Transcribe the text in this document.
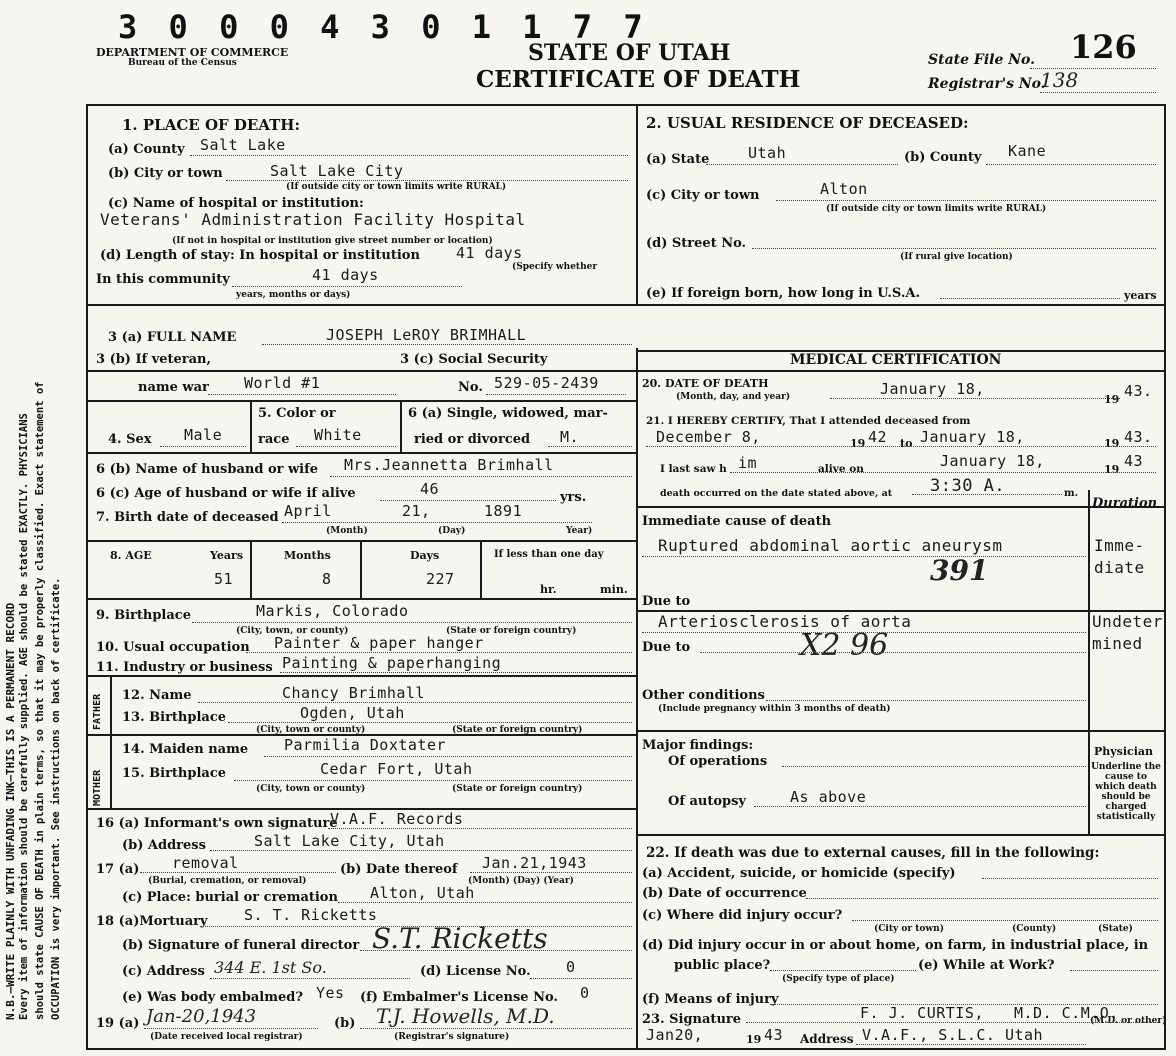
N.B.—WRITE PLAINLY WITH UNFADING INK—THIS IS A PERMANENT RECORD Every item of information should be carefully supplied. AGE should be stated EXACTLY. PHYSICIANS should state CAUSE OF DEATH in plain terms, so that it may be properly classified. Exact statement of OCCUPATION is very important. See instructions on back of certificate.
3 0 0 0 4 3 0 1 1 7 7
DEPARTMENT OF COMMERCE
Bureau of the Census	STATE OF UTAH
CERTIFICATE OF DEATH
State File No. 126
Registrar's No.
138
1. PLACE OF DEATH:
(a) County Salt Lake
(b) City or town	Salt Lake City
(If outside city or town limits write RURAL)
(c) Name of hospital or institution:
Veterans' Administration Facility Hospital
(If not in hospital or institution give street number or location)
(d) Length of stay: In hospital or institution 41 days
(Specify whether
In this community	41 days
years, months or days)
2. USUAL RESIDENCE OF DECEASED:
(a) State	Utah	(b) County Kane
(c) City or town	Alton
(If outside city or town limits write RURAL)
(d) Street No.
(If rural give location)
(e) If foreign born, how long in U.S.A.	years
3 (a) FULL NAME	JOSEPH LeROY BRIMHALL
3 (b) If veteran,
name war World #1
3 (c) Social Security
No. 529-05-2439
5. Color or	6 (a) Single, widowed, mar-
4. Sex Male	race White	ried or divorced M.
6 (b) Name of husband or wife Mrs.Jeannetta Brimhall
6 (c) Age of husband or wife if alive	46	yrs.
7. Birth date of deceased April	21,	1891
(Month)	(Day)	Year)
8. AGE	Years	Months	Days	If less than one day
51	8	227
hr.	min.
9. Birthplace	Markis, Colorado
(City, town, or county)	(State or foreign country)
10. Usual occupation Painter & paper hanger
11. Industry or business Painting & paperhanging
FATHER
MOTHER
12. Name	Chancy Brimhall
13. Birthplace	Ogden, Utah
(City, town or county)	(State or foreign country)
14. Maiden name Parmilia Doxtater
15. Birthplace	Cedar Fort, Utah
(City, town or county)	(State or foreign country)
16 (a) Informant's own signature
V.A.F. Records
(b) Address	Salt Lake City, Utah
17 (a) removal
(Burial, cremation, or removal)
(b) Date thereof Jan.21,1943
(Month) (Day) (Year)
(c) Place: burial or cremation Alton, Utah
18 (a)Mortuary S. T. Ricketts
(b) Signature of funeral director S.T. Ricketts
(c) Address 344 E. 1st So.	(d) License No. 0
(e) Was body embalmed? Yes (f) Embalmer's License No. 0
19 (a) Jan-20,1943
(Date received local registrar)
(b) T.J. Howells, M.D.
(Registrar's signature)
MEDICAL CERTIFICATION
20. DATE OF DEATH
(Month, day, and year)	January 18,
19 43.
21. I HEREBY CERTIFY, That I attended deceased from
December 8,	19 42 to January 18,	19 43.
I last saw h im	alive on	January 18,	19 43
death occurred on the date stated above, at 3:30 A.	m.
Duration
Immediate cause of death
Ruptured abdominal aortic aneurysm	Imme-
diate
391
Due to
Arteriosclerosis of aorta	Undeter
mined
Due to	X2 96
Other conditions
(Include pregnancy within 3 months of death)
Major findings:
Of operations
Of autopsy	As above
Physician
Underline the cause to which death should be charged statistically
22. If death was due to external causes, fill in the following:
(a) Accident, suicide, or homicide (specify)
(b) Date of occurrence
(c) Where did injury occur?
(City or town)	(County)	(State)
(d) Did injury occur in or about home, on farm, in industrial place, in
public place?
(Specify type of place)
(e) While at Work?
(f) Means of injury
23. Signature	F. J. CURTIS, M.D. C.M.O.
(M.D. or other)
Jan20,	19 43 Address V.A.F., S.L.C. Utah
